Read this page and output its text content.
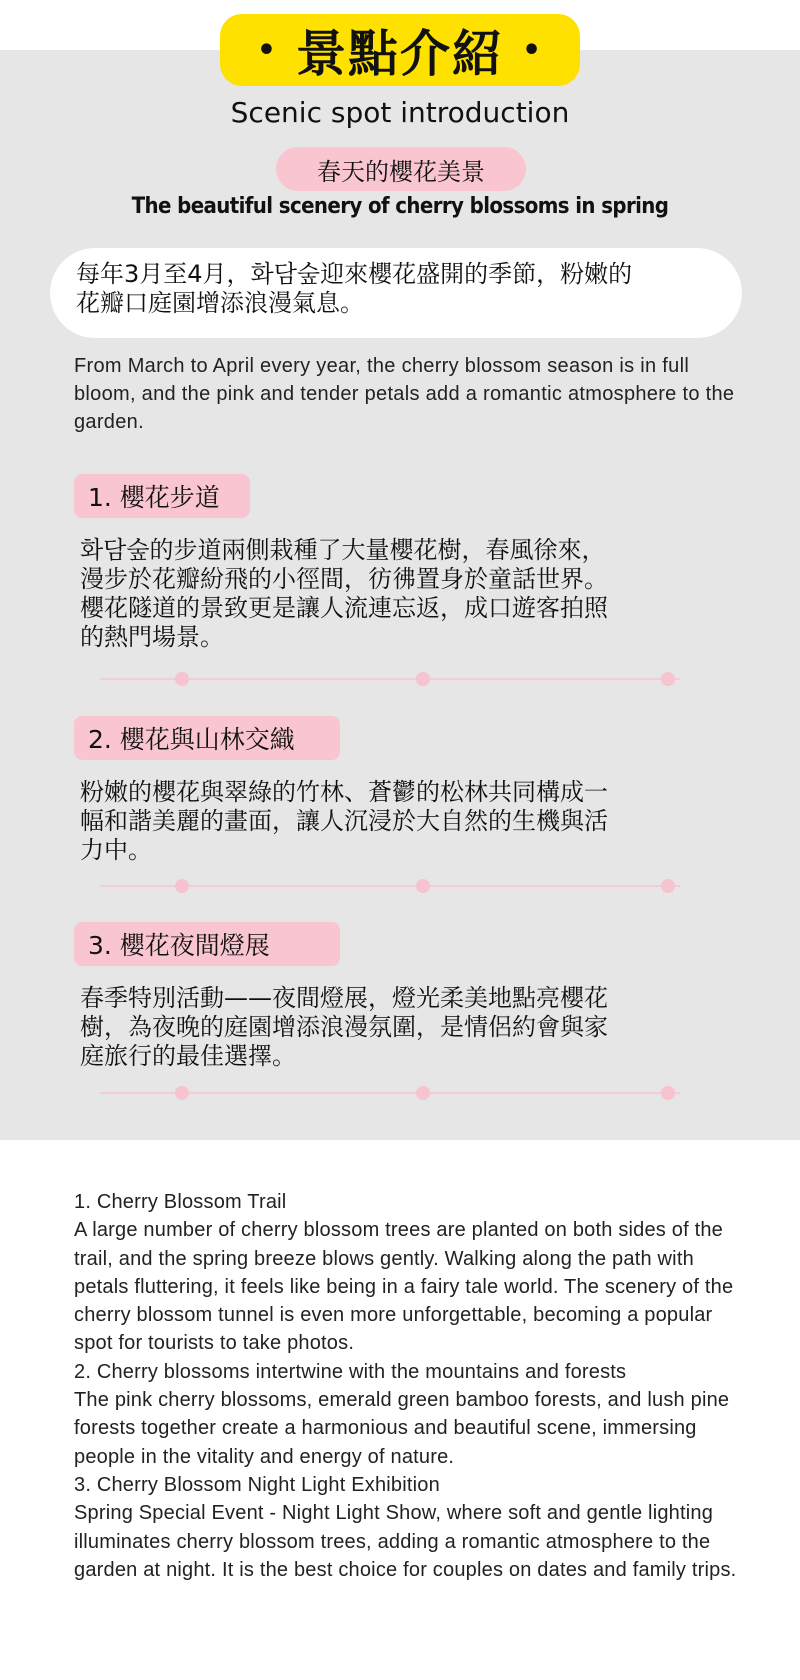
• 景點介紹 •
Scenic spot introduction
春天的櫻花美景
The beautiful scenery of cherry blossoms in spring
每年3月至4月，화담숲迎來櫻花盛開的季節，粉嫩的
花瓣口庭園增添浪漫氣息。
From March to April every year, the cherry blossom season is in full bloom, and the pink and tender petals add a romantic atmosphere to the garden.
1. 櫻花步道
화담숲的步道兩側栽種了大量櫻花樹，春風徐來，
漫步於花瓣紛飛的小徑間，彷彿置身於童話世界。
櫻花隧道的景致更是讓人流連忘返，成口遊客拍照
的熱門場景。
2. 櫻花與山林交織
粉嫩的櫻花與翠綠的竹林、蒼鬱的松林共同構成一
幅和諧美麗的畫面，讓人沉浸於大自然的生機與活
力中。
3. 櫻花夜間燈展
春季特別活動——夜間燈展，燈光柔美地點亮櫻花
樹，為夜晚的庭園增添浪漫氛圍，是情侶約會與家
庭旅行的最佳選擇。

1. Cherry Blossom Trail

A large number of cherry blossom trees are planted on both sides of the trail, and the spring breeze blows gently. Walking along the path with petals fluttering, it feels like being in a fairy tale world. The scenery of the cherry blossom tunnel is even more unforgettable, becoming a popular spot for tourists to take photos.

2. Cherry blossoms intertwine with the mountains and forests

The pink cherry blossoms, emerald green bamboo forests, and lush pine forests together create a harmonious and beautiful scene, immersing people in the vitality and energy of nature.

3. Cherry Blossom Night Light Exhibition

Spring Special Event - Night Light Show, where soft and gentle lighting illuminates cherry blossom trees, adding a romantic atmosphere to the garden at night. It is the best choice for couples on dates and family trips.
